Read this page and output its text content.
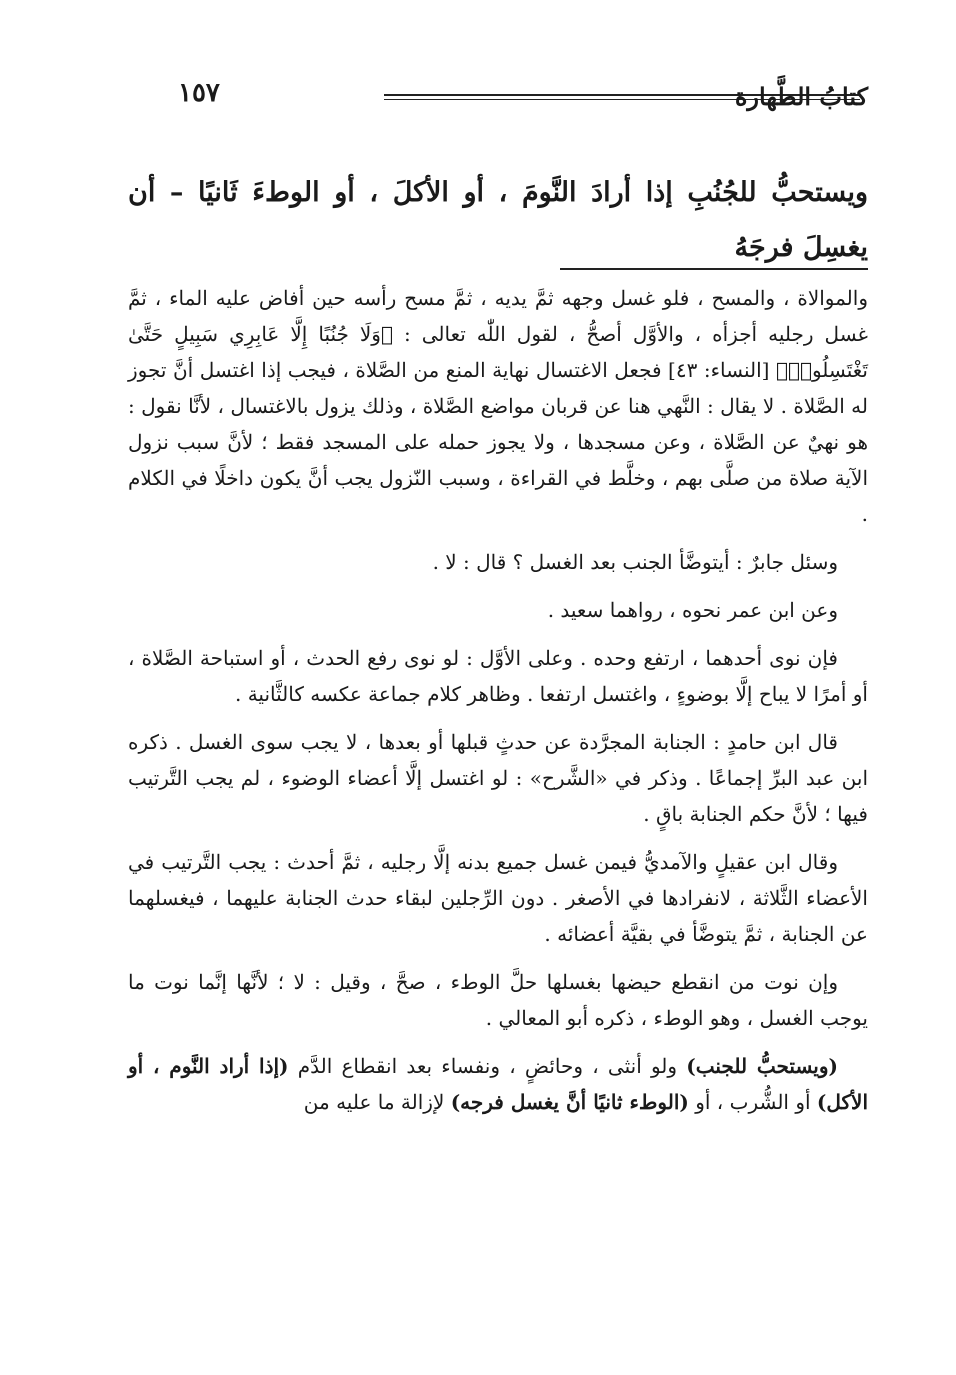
١٥٧	كتابُ الطَّهارة
ويستحبُّ للجُنُبِ إذا أرادَ النَّومَ ، أو الأكلَ ، أو الوطءَ ثَانيًا – أن يغسِلَ فرجَهُ

والموالاة ، والمسح ، فلو غسل وجهه ثمَّ يديه ، ثمَّ مسح رأسه حين أفاض عليه الماء ، ثمَّ غسل رجليه أجزأه ، والأوَّل أصحُّ ، لقول اللّٰه تعالى : ﴿وَلَا جُنُبًا إِلَّا عَابِرِي سَبِيلٍ حَتَّىٰ تَغْتَسِلُوا۟﴾ [النساء: ٤٣] فجعل الاغتسال نهاية المنع من الصَّلاة ، فيجب إذا اغتسل أنَّ تجوز له الصَّلاة . لا يقال : النَّهي هنا عن قربان مواضع الصَّلاة ، وذلك يزول بالاغتسال ، لأنَّا نقول : هو نهيٌ عن الصَّلاة ، وعن مسجدها ، ولا يجوز حمله على المسجد فقط ؛ لأنَّ سبب نزول الآية صلاة من صلَّى بهم ، وخلَّط في القراءة ، وسبب النّزول يجب أنَّ يكون داخلًا في الكلام .

وسئل جابرٌ : أيتوضَّأ الجنب بعد الغسل ؟ قال : لا .

وعن ابن عمر نحوه ، رواهما سعيد .

فإن نوى أحدهما ، ارتفع وحده . وعلى الأوَّل : لو نوى رفع الحدث ، أو استباحة الصَّلاة ، أو أمرًا لا يباح إلَّا بوضوءٍ ، واغتسل ارتفعا . وظاهر كلام جماعة عكسه كالثَّانية .

قال ابن حامدٍ : الجنابة المجرَّدة عن حدثٍ قبلها أو بعدها ، لا يجب سوى الغسل . ذكره ابن عبد البرِّ إجماعًا . وذكر في «الشَّرح» : لو اغتسل إلَّا أعضاء الوضوء ، لم يجب التَّرتيب فيها ؛ لأنَّ حكم الجنابة باقٍ .

وقال ابن عقيلٍ والآمديُّ فيمن غسل جميع بدنه إلَّا رجليه ، ثمَّ أحدث : يجب التَّرتيب في الأعضاء الثَّلاثة ، لانفرادها في الأصغر . دون الرِّجلين لبقاء حدث الجنابة عليهما ، فيغسلهما عن الجنابة ، ثمَّ يتوضَّأ في بقيَّة أعضائه .

وإن نوت من انقطع حيضها بغسلها حلَّ الوطء ، صحَّ ، وقيل : لا ؛ لأنَّها إنَّما نوت ما يوجب الغسل ، وهو الوطء ، ذكره أبو المعالي .

(ويستحبُّ للجنب) ولو أنثى ، وحائضٍ ، ونفساء بعد انقطاع الدَّم (إذا أراد النَّوم ، أو الأكل) أو الشُّرب ، أو (الوطء ثانيًا أنَّ يغسل فرجه) لإزالة ما عليه من
